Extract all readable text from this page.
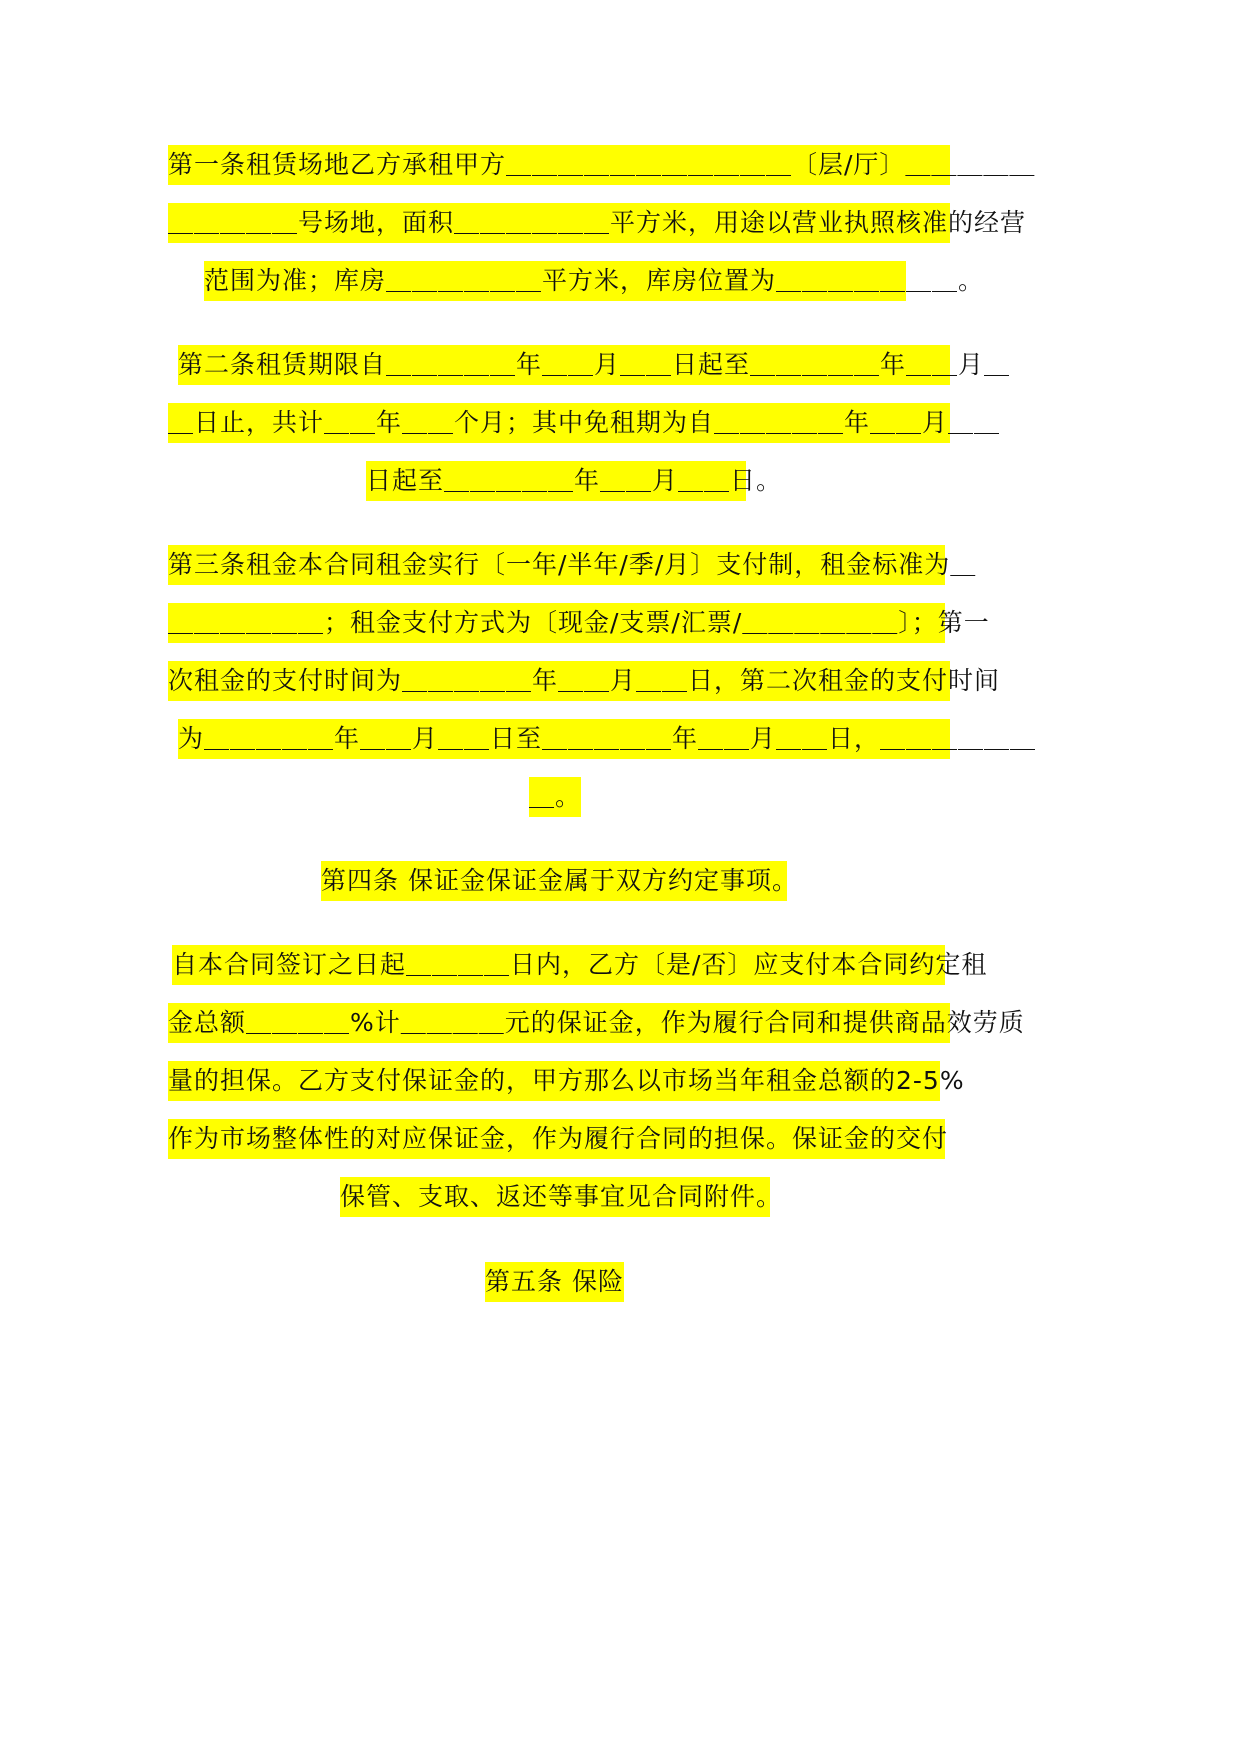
第一条租赁场地乙方承租甲方＿＿＿＿＿＿＿＿＿＿＿〔层/厅〕＿＿＿＿＿
＿＿＿＿＿号场地，面积＿＿＿＿＿＿平方米，用途以营业执照核准的经营
范围为准；库房＿＿＿＿＿＿平方米，库房位置为＿＿＿＿＿＿＿。
第二条租赁期限自＿＿＿＿＿年＿＿月＿＿日起至＿＿＿＿＿年＿＿月＿
＿日止，共计＿＿年＿＿个月；其中免租期为自＿＿＿＿＿年＿＿月＿＿
日起至＿＿＿＿＿年＿＿月＿＿日。
第三条租金本合同租金实行〔一年/半年/季/月〕支付制，租金标准为＿
＿＿＿＿＿＿；租金支付方式为〔现金/支票/汇票/＿＿＿＿＿＿〕；第一
次租金的支付时间为＿＿＿＿＿年＿＿月＿＿日，第二次租金的支付时间
为＿＿＿＿＿年＿＿月＿＿日至＿＿＿＿＿年＿＿月＿＿日，＿＿＿＿＿＿
＿。
第四条 保证金保证金属于双方约定事项。
自本合同签订之日起＿＿＿＿日内，乙方〔是/否〕应支付本合同约定租
金总额＿＿＿＿%计＿＿＿＿元的保证金，作为履行合同和提供商品效劳质
量的担保。乙方支付保证金的，甲方那么以市场当年租金总额的2-5%
作为市场整体性的对应保证金，作为履行合同的担保。保证金的交付
保管、支取、返还等事宜见合同附件。
第五条 保险
